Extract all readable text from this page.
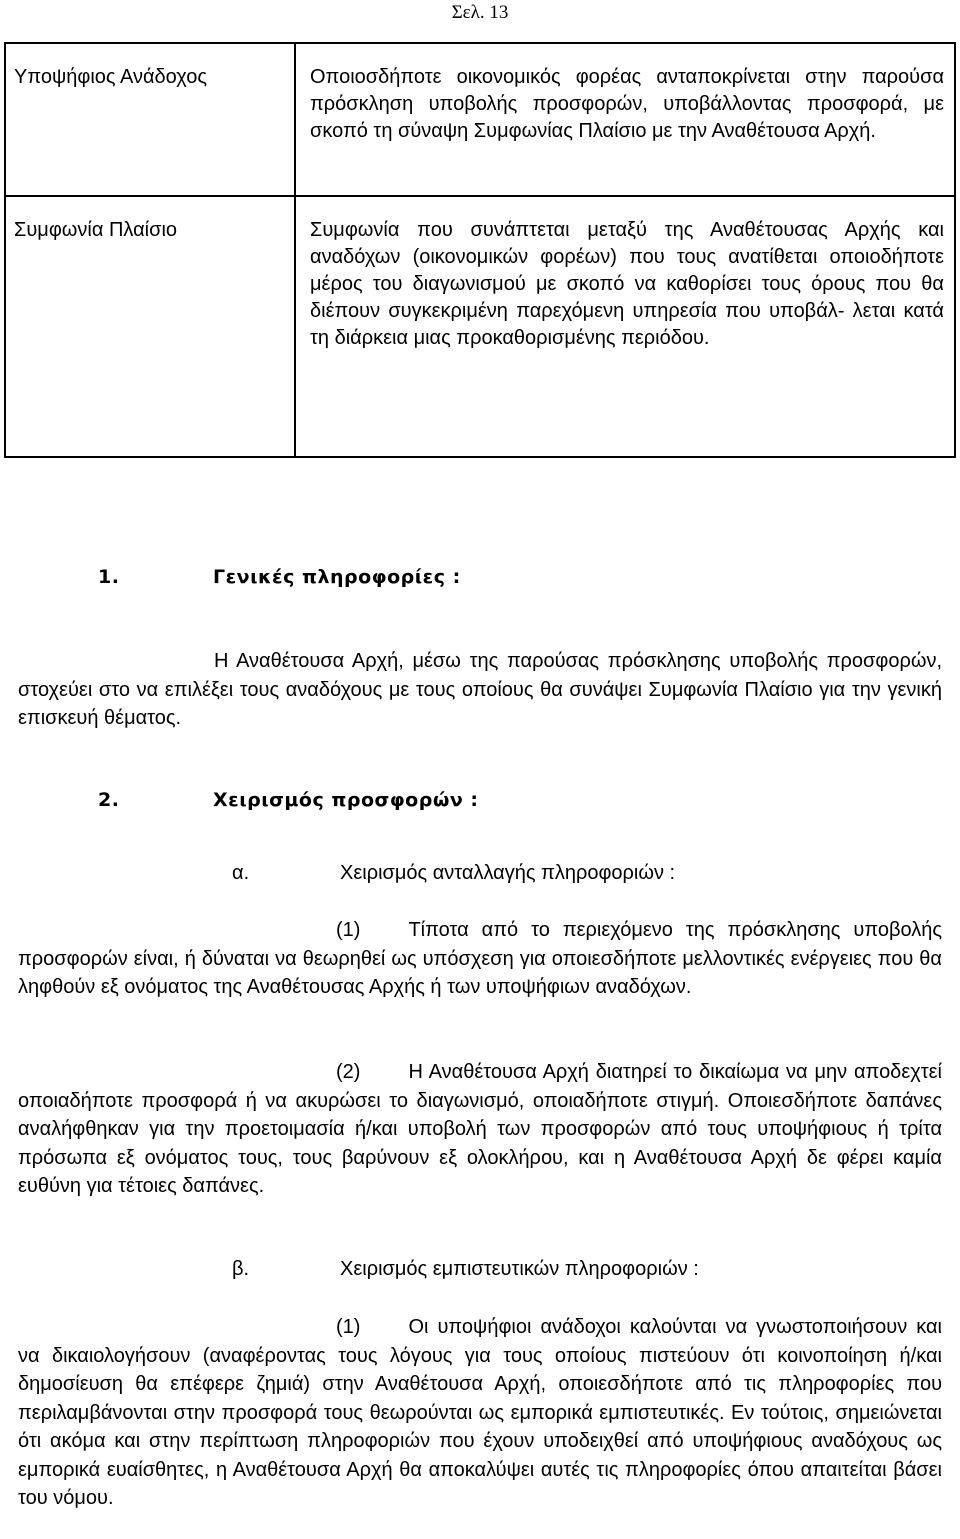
Σελ. 13
Υποψήφιος Ανάδοχος	Οποιοσδήποτε οικονομικός φορέας ανταποκρίνεται στην παρούσα πρόσκληση υποβολής προσφορών, υποβάλλοντας προσφορά, με σκοπό τη σύναψη Συμφωνίας Πλαίσιο με την Αναθέτουσα Αρχή.
Συμφωνία Πλαίσιο	Συμφωνία που συνάπτεται μεταξύ της Αναθέτουσας Αρχής και αναδόχων (οικονομικών φορέων) που τους ανατίθεται οποιοδήποτε μέρος του διαγωνισμού με σκοπό να καθορίσει τους όρους που θα διέπουν συγκεκριμένη παρεχόμενη υπηρεσία που υποβάλ- λεται κατά τη διάρκεια μιας προκαθορισμένης περιόδου.
1.	Γενικές πληροφορίες :
Η Αναθέτουσα Αρχή, μέσω της παρούσας πρόσκλησης υποβολής προσφορών, στοχεύει στο να επιλέξει τους αναδόχους με τους οποίους θα συνάψει Συμφωνία Πλαίσιο για την γενική επισκευή θέματος.
2.	Χειρισμός προσφορών :
α.	Χειρισμός ανταλλαγής πληροφοριών :
(1) Τίποτα από το περιεχόμενο της πρόσκλησης υποβολής προσφορών είναι, ή δύναται να θεωρηθεί ως υπόσχεση για οποιεσδήποτε μελλοντικές ενέργειες που θα ληφθούν εξ ονόματος της Αναθέτουσας Αρχής ή των υποψήφιων αναδόχων.
(2) Η Αναθέτουσα Αρχή διατηρεί το δικαίωμα να μην αποδεχτεί οποιαδήποτε προσφορά ή να ακυρώσει το διαγωνισμό, οποιαδήποτε στιγμή. Οποιεσδήποτε δαπάνες αναλήφθηκαν για την προετοιμασία ή/και υποβολή των προσφορών από τους υποψήφιους ή τρίτα πρόσωπα εξ ονόματος τους, τους βαρύνουν εξ ολοκλήρου, και η Αναθέτουσα Αρχή δε φέρει καμία ευθύνη για τέτοιες δαπάνες.
β.	Χειρισμός εμπιστευτικών πληροφοριών :
(1) Οι υποψήφιοι ανάδοχοι καλούνται να γνωστοποιήσουν και να δικαιολογήσουν (αναφέροντας τους λόγους για τους οποίους πιστεύουν ότι κοινοποίηση ή/και δημοσίευση θα επέφερε ζημιά) στην Αναθέτουσα Αρχή, οποιεσδήποτε από τις πληροφορίες που περιλαμβάνονται στην προσφορά τους θεωρούνται ως εμπορικά εμπιστευτικές. Εν τούτοις, σημειώνεται ότι ακόμα και στην περίπτωση πληροφοριών που έχουν υποδειχθεί από υποψήφιους αναδόχους ως εμπορικά ευαίσθητες, η Αναθέτουσα Αρχή θα αποκαλύψει αυτές τις πληροφορίες όπου απαιτείται βάσει του νόμου.
